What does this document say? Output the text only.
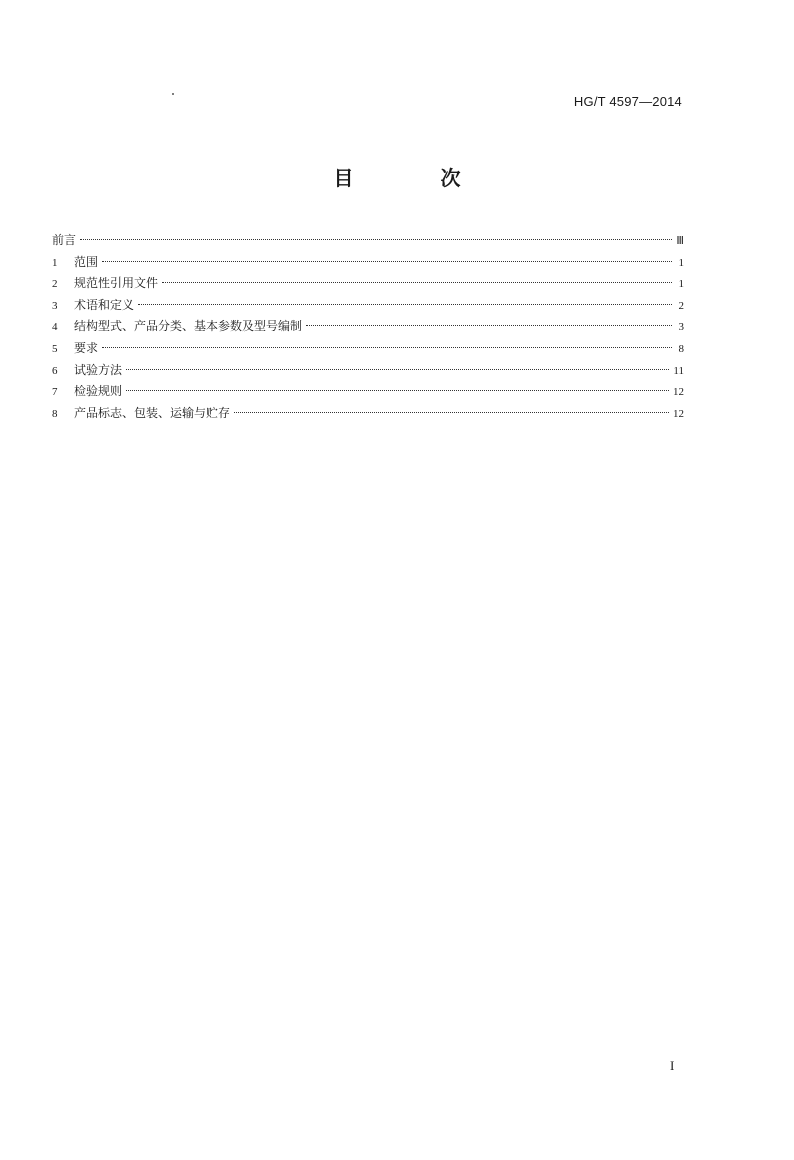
HG/T 4597—2014
目 次
前言	Ⅲ
1	范围	1
2	规范性引用文件	1
3	术语和定义	2
4	结构型式、产品分类、基本参数及型号编制	3
5	要求	8
6	试验方法	11
7	检验规则	12
8	产品标志、包装、运输与贮存	12
I
